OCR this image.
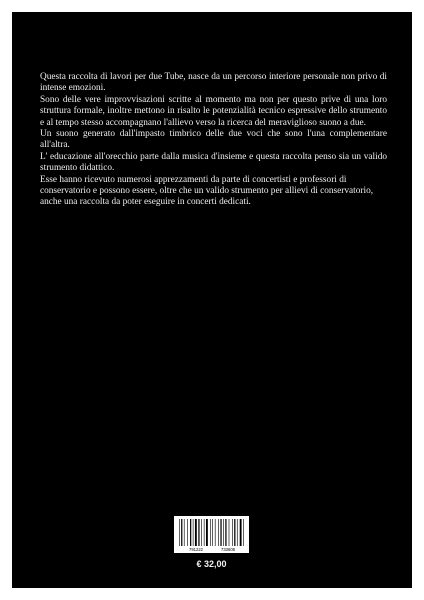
Questa raccolta di lavori per due Tube, nasce da un percorso interiore personale non privo di intense emozioni.

Sono delle vere improvvisazioni scritte al momento ma non per questo prive di una loro struttura formale, inoltre mettono in risalto le potenzialità tecnico espressive dello strumento e al tempo stesso accompagnano l'allievo verso la ricerca del meraviglioso suono a due.

Un suono generato dall'impasto timbrico delle due voci che sono l'una complementare all'altra.

L' educazione all'orecchio parte dalla musica d'insieme e questa raccolta penso sia un valido strumento didattico.

Esse hanno ricevuto numerosi apprezzamenti da parte di concertisti e professori di conservatorio e possono essere, oltre che un valido strumento per allievi di conservatorio, anche una raccolta da poter eseguire in concerti dedicati.

791222	733608
€ 32,00
